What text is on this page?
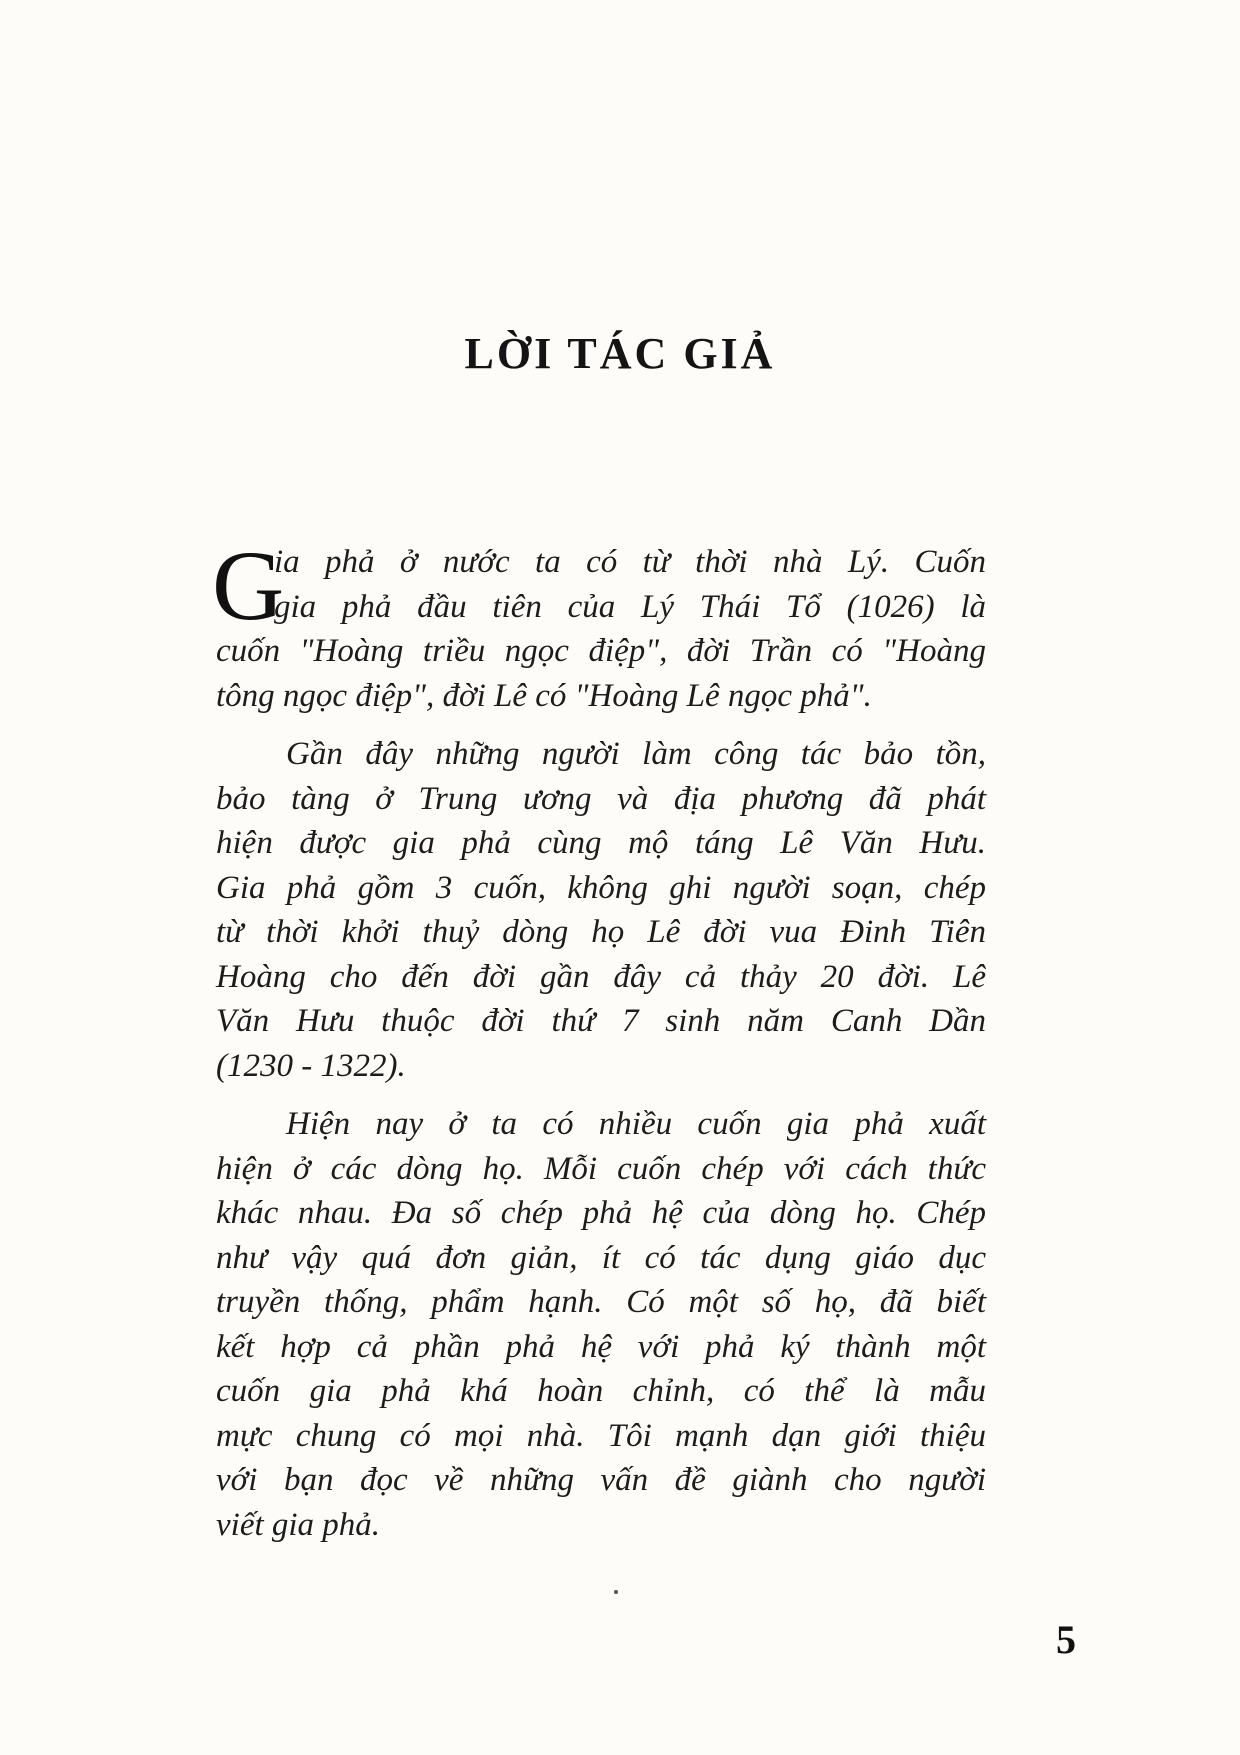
LỜI TÁC GIẢ
G
ia phả ở nước ta có từ thời nhà Lý. Cuốn
gia phả đầu tiên của Lý Thái Tổ (1026) là
cuốn "Hoàng triều ngọc điệp", đời Trần có "Hoàng
tông ngọc điệp", đời Lê có "Hoàng Lê ngọc phả".
Gần đây những người làm công tác bảo tồn,
bảo tàng ở Trung ương và địa phương đã phát
hiện được gia phả cùng mộ táng Lê Văn Hưu.
Gia phả gồm 3 cuốn, không ghi người soạn, chép
từ thời khởi thuỷ dòng họ Lê đời vua Đinh Tiên
Hoàng cho đến đời gần đây cả thảy 20 đời. Lê
Văn Hưu thuộc đời thứ 7 sinh năm Canh Dần
(1230 - 1322).
Hiện nay ở ta có nhiều cuốn gia phả xuất
hiện ở các dòng họ. Mỗi cuốn chép với cách thức
khác nhau. Đa số chép phả hệ của dòng họ. Chép
như vậy quá đơn giản, ít có tác dụng giáo dục
truyền thống, phẩm hạnh. Có một số họ, đã biết
kết hợp cả phần phả hệ với phả ký thành một
cuốn gia phả khá hoàn chỉnh, có thể là mẫu
mực chung có mọi nhà. Tôi mạnh dạn giới thiệu
với bạn đọc về những vấn đề giành cho người
viết gia phả.
5
